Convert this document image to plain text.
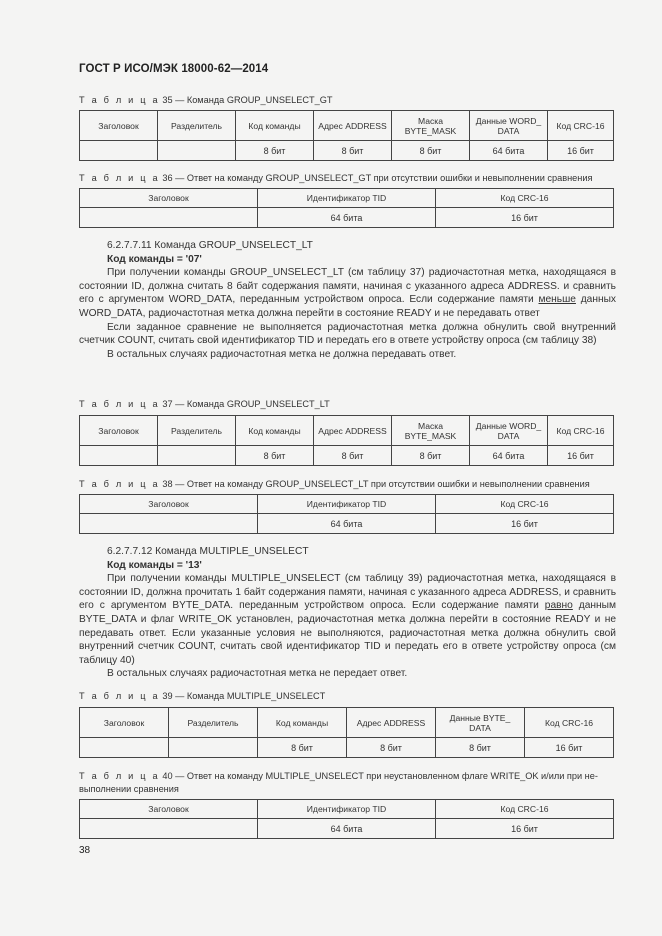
ГОСТ Р ИСО/МЭК 18000-62—2014
Т а б л и ц а 35 — Команда GROUP_UNSELECT_GT
Заголовок	Разделитель	Код команды	Адрес ADDRESS	Маска BYTE_MASK	Данные WORD_ DATA	Код CRC-16
		8 бит	8 бит	8 бит	64 бита	16 бит
Т а б л и ц а 36 — Ответ на команду GROUP_UNSELECT_GT при отсутствии ошибки и невыполнении сравнения
Заголовок	Идентификатор TID	Код CRC-16
	64 бита	16 бит

6.2.7.7.11 Команда GROUP_UNSELECT_LT

Код команды = '07'

При получении команды GROUP_UNSELECT_LT (см таблицу 37) радиочастотная метка, находящаяся в состоянии ID, должна считать 8 байт содержания памяти, начиная с указанного адреса ADDRESS. и сравнить его с аргументом WORD_DATA, переданным устройством опроса. Если содержание памяти меньше данных WORD_DATA, радиочастотная метка должна перейти в состояние READY и не передавать ответ

Если заданное сравнение не выполняется радиочастотная метка должна обнулить свой внутренний счетчик COUNT, считать свой идентификатор TID и передать его в ответе устройству опроса (см таблицу 38)

В остальных случаях радиочастотная метка не должна передавать ответ.

Т а б л и ц а 37 — Команда GROUP_UNSELECT_LT
Заголовок	Разделитель	Код команды	Адрес ADDRESS	Маска BYTE_MASK	Данные WORD_ DATA	Код CRC-16
		8 бит	8 бит	8 бит	64 бита	16 бит
Т а б л и ц а 38 — Ответ на команду GROUP_UNSELECT_LT при отсутствии ошибки и невыполнении сравнения
Заголовок	Идентификатор TID	Код CRC-16
	64 бита	16 бит

6.2.7.7.12 Команда MULTIPLE_UNSELECT

Код команды = '13'

При получении команды MULTIPLE_UNSELECT (см таблицу 39) радиочастотная метка, находящаяся в состоянии ID, должна прочитать 1 байт содержания памяти, начиная с указанного адреса ADDRESS, и сравнить его с аргументом BYTE_DATA. переданным устройством опроса. Если содержание памяти равно данным BYTE_DATA и флаг WRITE_OK установлен, радиочастотная метка должна перейти в состояние READY и не передавать ответ. Если указанные условия не выполняются, радиочастотная метка должна обнулить свой внутренний счетчик COUNT, считать свой идентификатор TID и передать его в ответе устройству опроса (см таблицу 40)

В остальных случаях радиочастотная метка не передает ответ.

Т а б л и ц а 39 — Команда MULTIPLE_UNSELECT
Заголовок	Разделитель	Код команды	Адрес ADDRESS	Данные BYTE_ DATA	Код CRC-16
		8 бит	8 бит	8 бит	16 бит
Т а б л и ц а 40 — Ответ на команду MULTIPLE_UNSELECT при неустановленном флаге WRITE_OK и/или при не-
выполнении сравнения
Заголовок	Идентификатор TID	Код CRC-16
	64 бита	16 бит
38
